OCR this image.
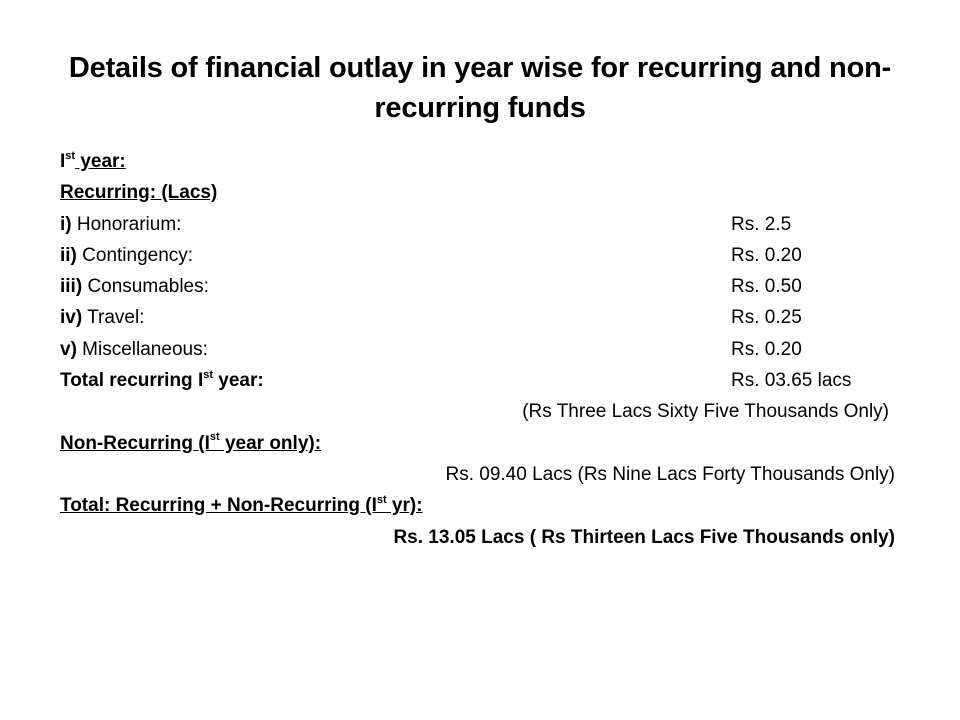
Details of financial outlay in year wise for recurring and non-recurring funds
Ist year:
Recurring: (Lacs)
i) Honorarium:	Rs. 2.5
ii) Contingency:	Rs. 0.20
iii) Consumables:	Rs. 0.50
iv) Travel:	Rs. 0.25
v) Miscellaneous:	Rs. 0.20
Total recurring Ist year:	Rs. 03.65 lacs
(Rs Three Lacs Sixty Five Thousands Only)
Non-Recurring (Ist year only):
Rs. 09.40 Lacs (Rs Nine Lacs Forty Thousands Only)
Total: Recurring + Non-Recurring (Ist yr):
Rs. 13.05 Lacs ( Rs Thirteen Lacs Five Thousands only)
